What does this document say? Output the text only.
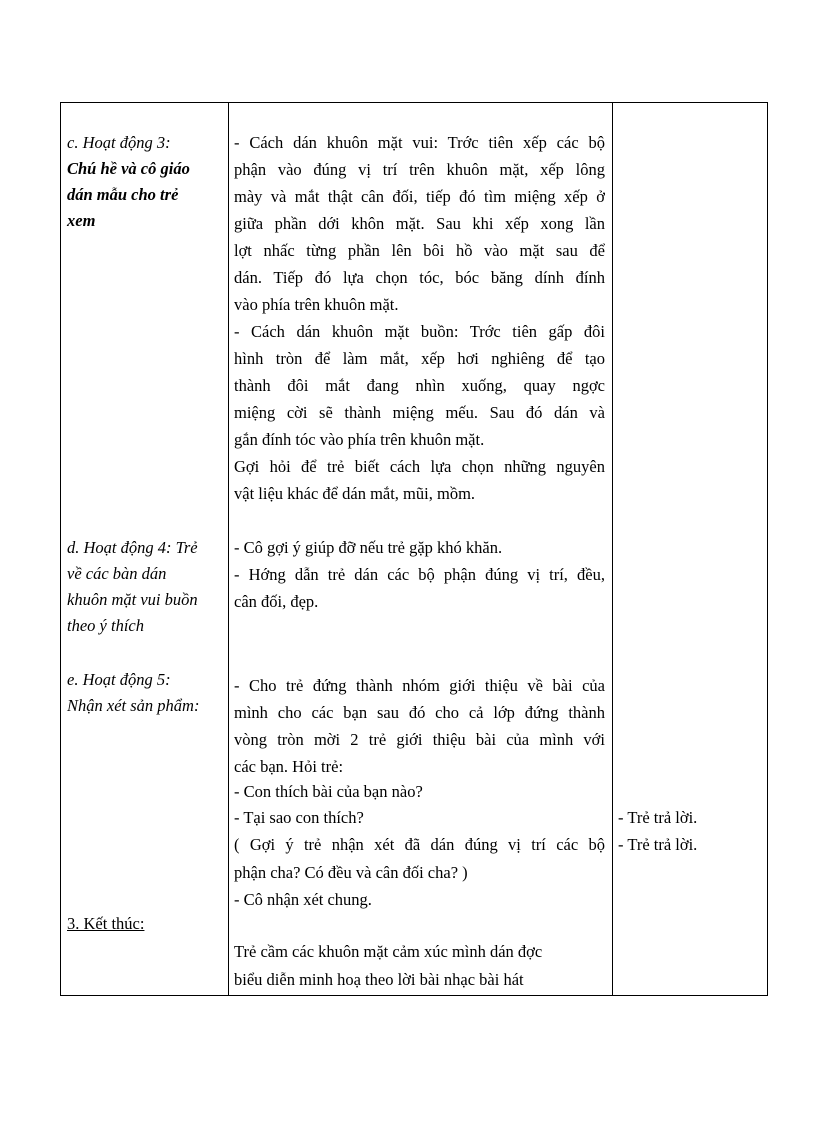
c. Hoạt động 3:
Chú hề và cô giáo
dán mẫu cho trẻ
xem
- Cách dán khuôn mặt vui: Trớc tiên xếp các bộ
phận vào đúng vị trí trên khuôn mặt, xếp lông
mày và mắt thật cân đối, tiếp đó tìm miệng xếp ở
giữa phần dới khôn mặt. Sau khi xếp xong lần
lợt nhấc từng phần lên bôi hồ vào mặt sau để
dán. Tiếp đó lựa chọn tóc, bóc băng dính đính
vào phía trên khuôn mặt.
- Cách dán khuôn mặt buồn: Trớc tiên gấp đôi
hình tròn để làm mắt, xếp hơi nghiêng để tạo
thành đôi mắt đang nhìn xuống, quay ngợc
miệng cời sẽ thành miệng mếu. Sau đó dán và
gắn đính tóc vào phía trên khuôn mặt.
Gợi hỏi để trẻ biết cách lựa chọn những nguyên
vật liệu khác để dán mắt, mũi, mồm.
d. Hoạt động 4: Trẻ
về các bàn dán
khuôn mặt vui buồn
theo ý thích
- Cô gợi ý giúp đỡ nếu trẻ gặp khó khăn.
- Hớng dẫn trẻ dán các bộ phận đúng vị trí, đều,
cân đối, đẹp.
e. Hoạt động 5:
Nhận xét sản phẩm:
- Cho trẻ đứng thành nhóm giới thiệu về bài của
mình cho các bạn sau đó cho cả lớp đứng thành
vòng tròn mời 2 trẻ giới thiệu bài của mình với
các bạn. Hỏi trẻ:
- Con thích bài của bạn nào?
- Tại sao con thích?
( Gợi ý trẻ nhận xét đã dán đúng vị trí các bộ
phận cha? Có đều và cân đối cha? )
- Cô nhận xét chung.
- Trẻ trả lời.
- Trẻ trả lời.
3. Kết thúc:
Trẻ cầm các khuôn mặt cảm xúc mình dán đợc
biểu diễn minh hoạ theo lời bài nhạc bài hát
